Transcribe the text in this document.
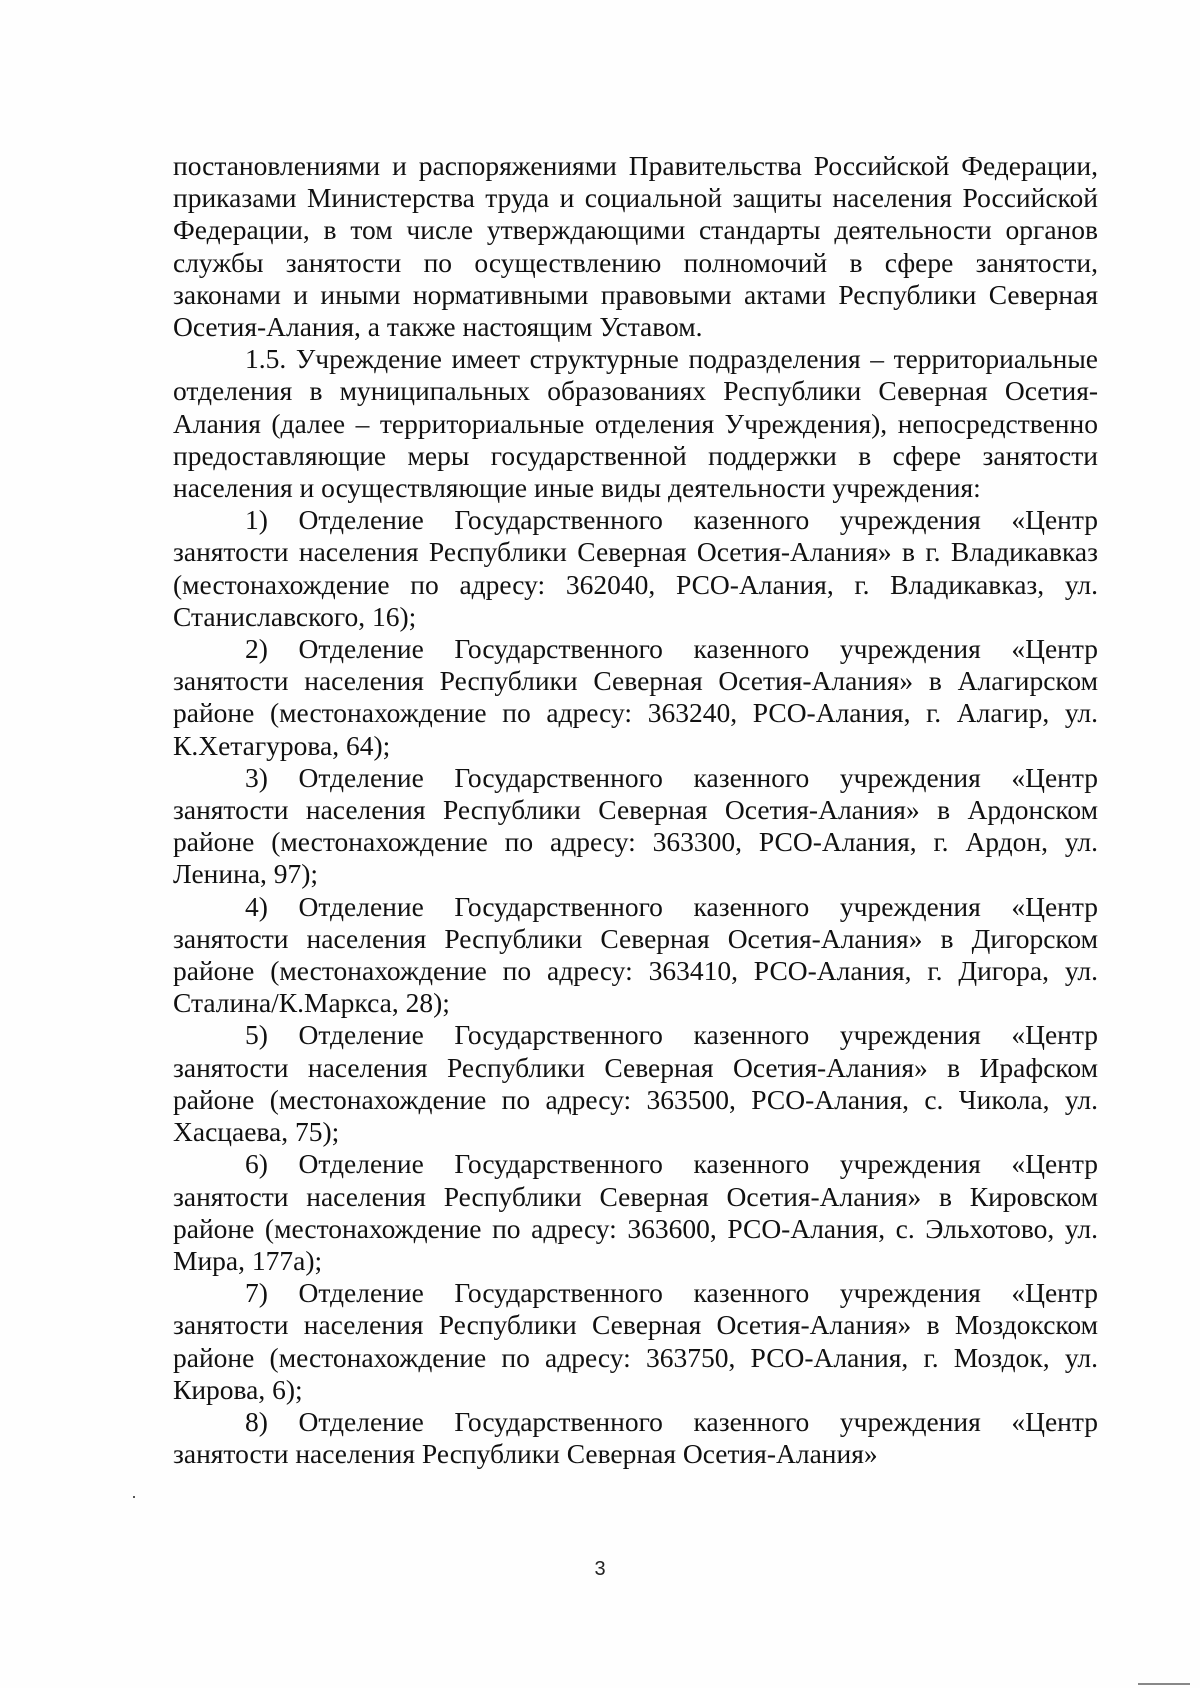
постановлениями и распоряжениями Правительства Российской Федерации, приказами Министерства труда и социальной защиты населения Российской Федерации, в том числе утверждающими стандарты деятельности органов службы занятости по осуществлению полномочий в сфере занятости, законами и иными нормативными правовыми актами Республики Северная Осетия-Алания, а также настоящим Уставом.

1.5. Учреждение имеет структурные подразделения – территориальные отделения в муниципальных образованиях Республики Северная Осетия-Алания (далее – территориальные отделения Учреждения), непосредственно предоставляющие меры государственной поддержки в сфере занятости населения и осуществляющие иные виды деятельности учреждения:

1) Отделение Государственного казенного учреждения «Центр занятости населения Республики Северная Осетия-Алания» в г. Владикавказ (местонахождение по адресу: 362040, РСО-Алания, г. Владикавказ, ул. Станиславского, 16);

2) Отделение Государственного казенного учреждения «Центр занятости населения Республики Северная Осетия-Алания» в Алагирском районе (местонахождение по адресу: 363240, РСО-Алания, г. Алагир, ул. К.Хетагурова, 64);

3) Отделение Государственного казенного учреждения «Центр занятости населения Республики Северная Осетия-Алания» в Ардонском районе (местонахождение по адресу: 363300, РСО-Алания, г. Ардон, ул. Ленина, 97);

4) Отделение Государственного казенного учреждения «Центр занятости населения Республики Северная Осетия-Алания» в Дигорском районе (местонахождение по адресу: 363410, РСО-Алания, г. Дигора, ул. Сталина/К.Маркса, 28);

5) Отделение Государственного казенного учреждения «Центр занятости населения Республики Северная Осетия-Алания» в Ирафском районе (местонахождение по адресу: 363500, РСО-Алания, с. Чикола, ул. Хасцаева, 75);

6) Отделение Государственного казенного учреждения «Центр занятости населения Республики Северная Осетия-Алания» в Кировском районе (местонахождение по адресу: 363600, РСО-Алания, с. Эльхотово, ул. Мира, 177а);

7) Отделение Государственного казенного учреждения «Центр занятости населения Республики Северная Осетия-Алания» в Моздокском районе (местонахождение по адресу: 363750, РСО-Алания, г. Моздок, ул. Кирова, 6);

8) Отделение Государственного казенного учреждения «Центр занятости населения Республики Северная Осетия-Алания»

3
